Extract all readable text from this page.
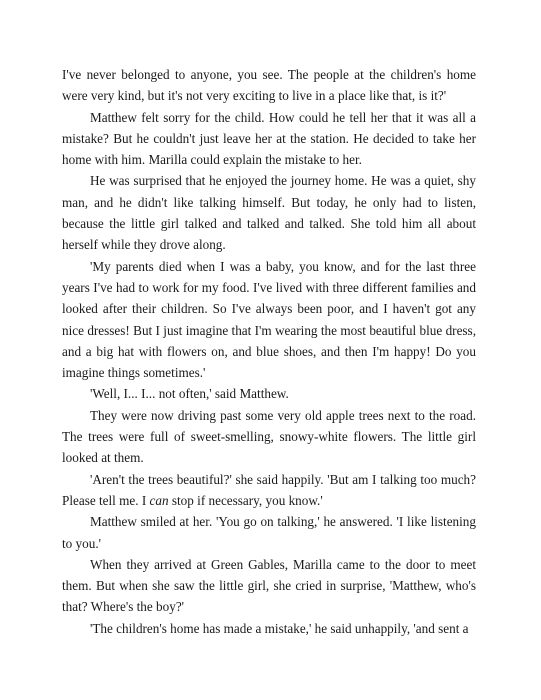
I've never belonged to anyone, you see. The people at the children's home were very kind, but it's not very exciting to live in a place like that, is it?'

Matthew felt sorry for the child. How could he tell her that it was all a mistake? But he couldn't just leave her at the station. He decided to take her home with him. Marilla could explain the mistake to her.

He was surprised that he enjoyed the journey home. He was a quiet, shy man, and he didn't like talking himself. But today, he only had to listen, because the little girl talked and talked and talked. She told him all about herself while they drove along.

'My parents died when I was a baby, you know, and for the last three years I've had to work for my food. I've lived with three different families and looked after their children. So I've always been poor, and I haven't got any nice dresses! But I just imagine that I'm wearing the most beautiful blue dress, and a big hat with flowers on, and blue shoes, and then I'm happy! Do you imagine things sometimes.'

'Well, I... I... not often,' said Matthew.

They were now driving past some very old apple trees next to the road. The trees were full of sweet-smelling, snowy-white flowers. The little girl looked at them.

'Aren't the trees beautiful?' she said happily. 'But am I talking too much? Please tell me. I can stop if necessary, you know.'

Matthew smiled at her. 'You go on talking,' he answered. 'I like listening to you.'

When they arrived at Green Gables, Marilla came to the door to meet them. But when she saw the little girl, she cried in surprise, 'Matthew, who's that? Where's the boy?'

'The children's home has made a mistake,' he said unhappily, 'and sent a
